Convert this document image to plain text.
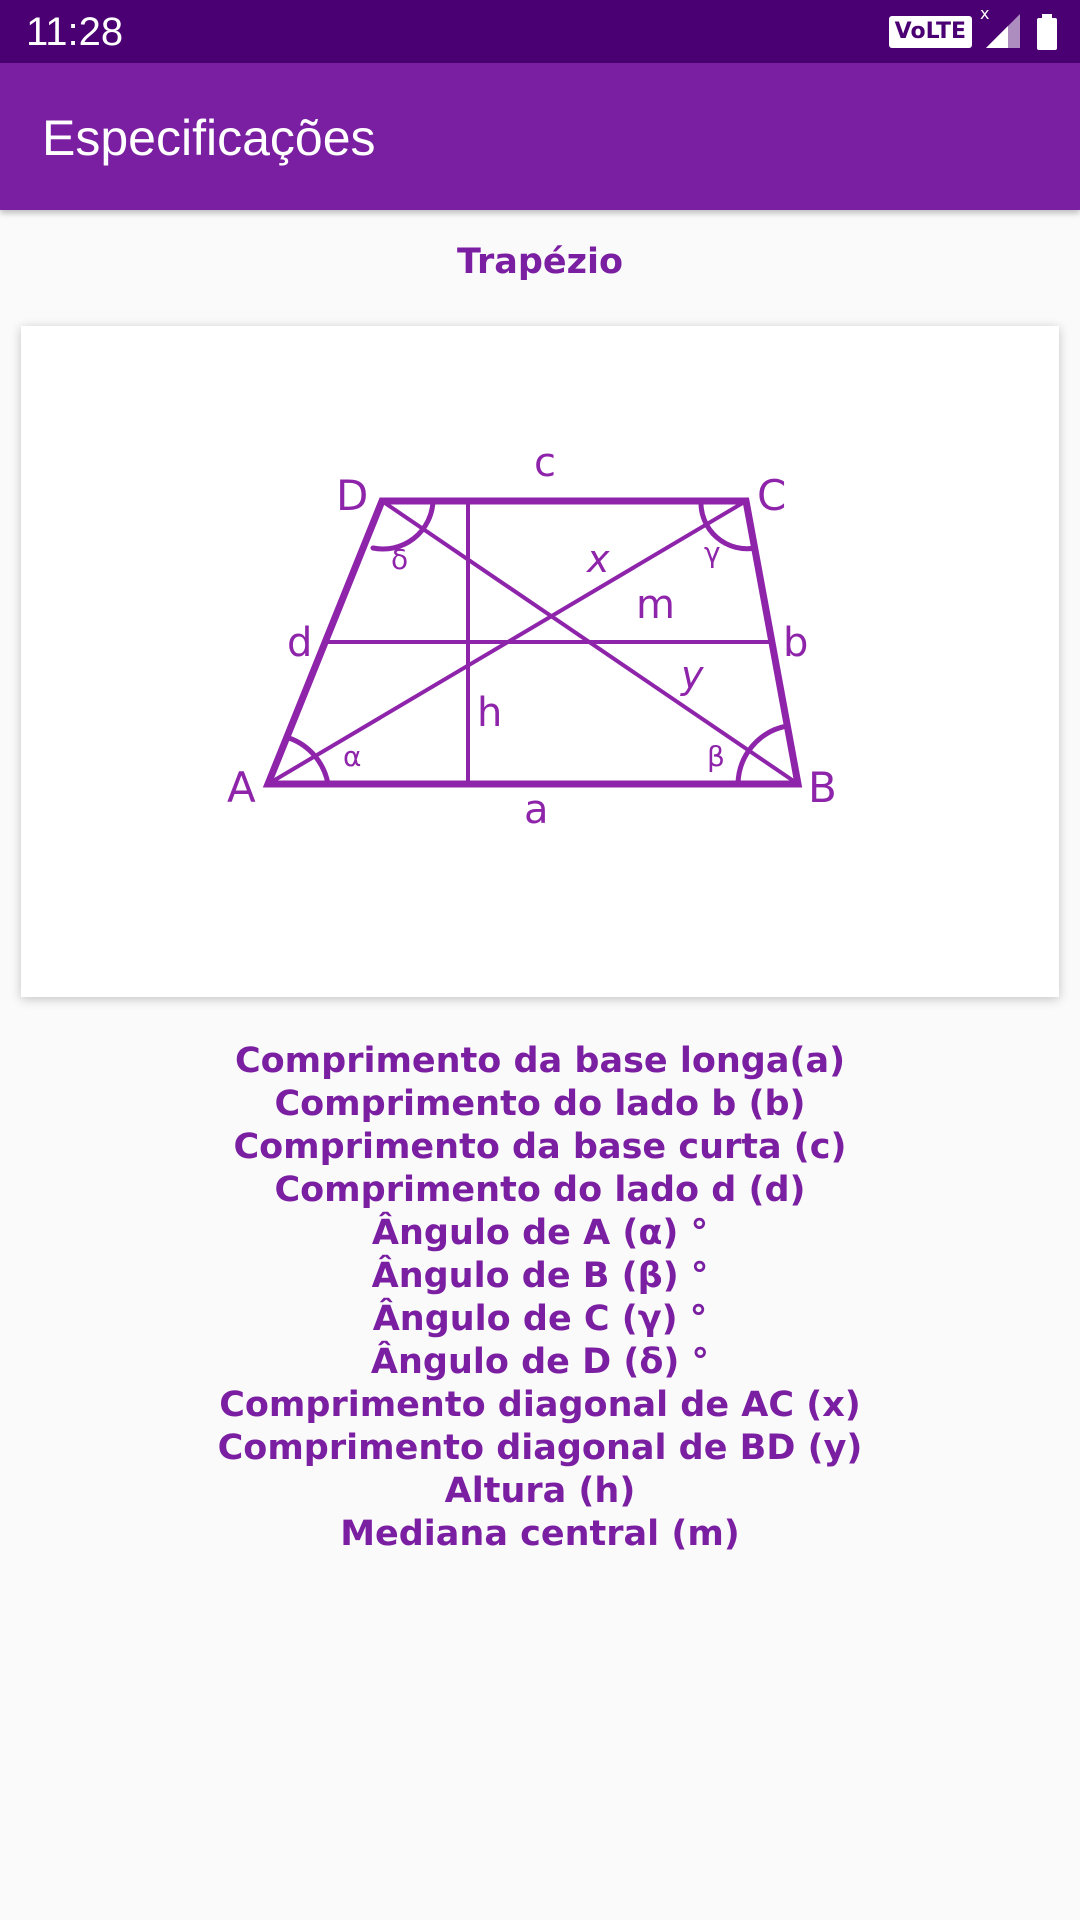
11:28	VoLTE
x
Especificações
Trapézio
A	B
C
D
a
b
c
d
α	β
γ
δ	x
y
h
m
Comprimento da base longa(a)
Comprimento do lado b (b)
Comprimento da base curta (c)
Comprimento do lado d (d)
Ângulo de A (α) °
Ângulo de B (β) °
Ângulo de C (γ) °
Ângulo de D (δ) °
Comprimento diagonal de AC (x)
Comprimento diagonal de BD (y)
Altura (h)
Mediana central (m)
